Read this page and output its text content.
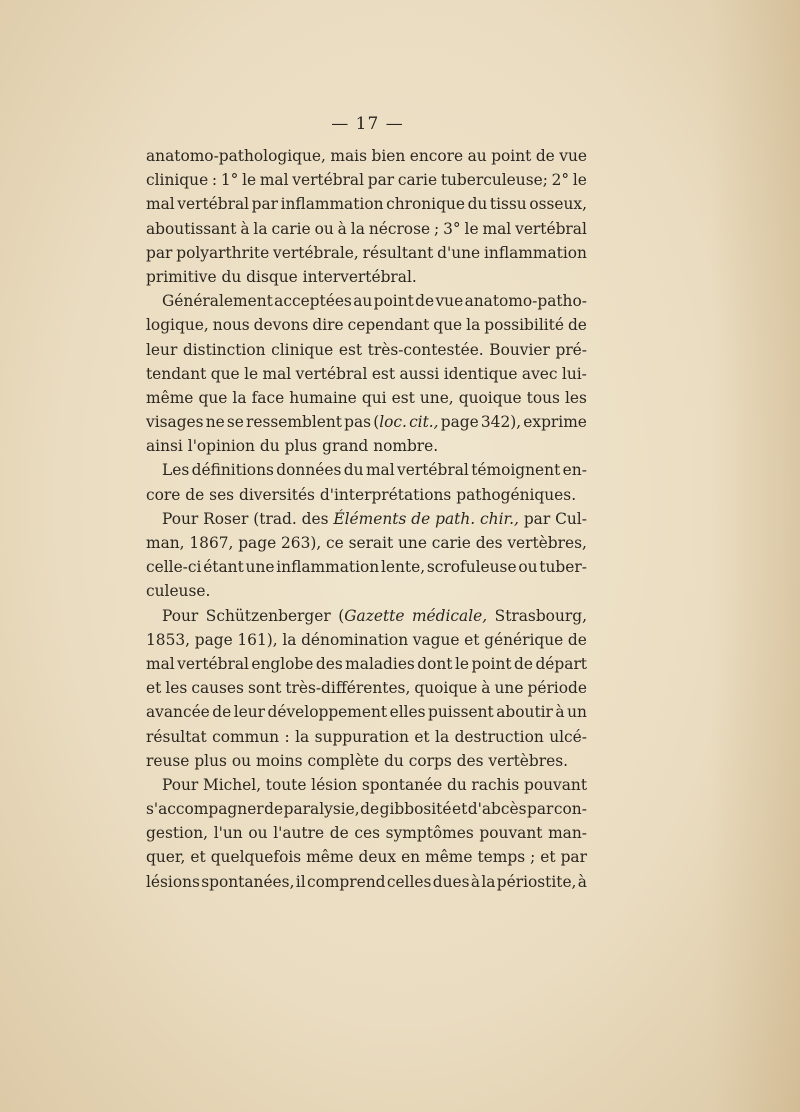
— 17 —
anatomo-pathologique, mais bien encore au point de vue
clinique : 1° le mal vertébral par carie tuberculeuse; 2° le
mal vertébral par inflammation chronique du tissu osseux,
aboutissant à la carie ou à la nécrose ; 3° le mal vertébral
par polyarthrite vertébrale, résultant d'une inflammation
primitive du disque intervertébral.
Généralement acceptées au point de vue anatomo-patho-
logique, nous devons dire cependant que la possibilité de
leur distinction clinique est très-contestée. Bouvier pré-
tendant que le mal vertébral est aussi identique avec lui-
même que la face humaine qui est une, quoique tous les
visages ne se ressemblent pas (loc. cit., page 342), exprime
ainsi l'opinion du plus grand nombre.
Les définitions données du mal vertébral témoignent en-
core de ses diversités d'interprétations pathogéniques.
Pour Roser (trad. des Éléments de path. chir., par Cul-
man, 1867, page 263), ce serait une carie des vertèbres,
celle-ci étant une inflammation lente, scrofuleuse ou tuber-
culeuse.
Pour Schützenberger (Gazette médicale, Strasbourg,
1853, page 161), la dénomination vague et générique de
mal vertébral englobe des maladies dont le point de départ
et les causes sont très-différentes, quoique à une période
avancée de leur développement elles puissent aboutir à un
résultat commun : la suppuration et la destruction ulcé-
reuse plus ou moins complète du corps des vertèbres.
Pour Michel, toute lésion spontanée du rachis pouvant
s'accompagner de paralysie, de gibbosité et d'abcès par con-
gestion, l'un ou l'autre de ces symptômes pouvant man-
quer, et quelquefois même deux en même temps ; et par
lésions spontanées, il comprend celles dues à la périostite, à
